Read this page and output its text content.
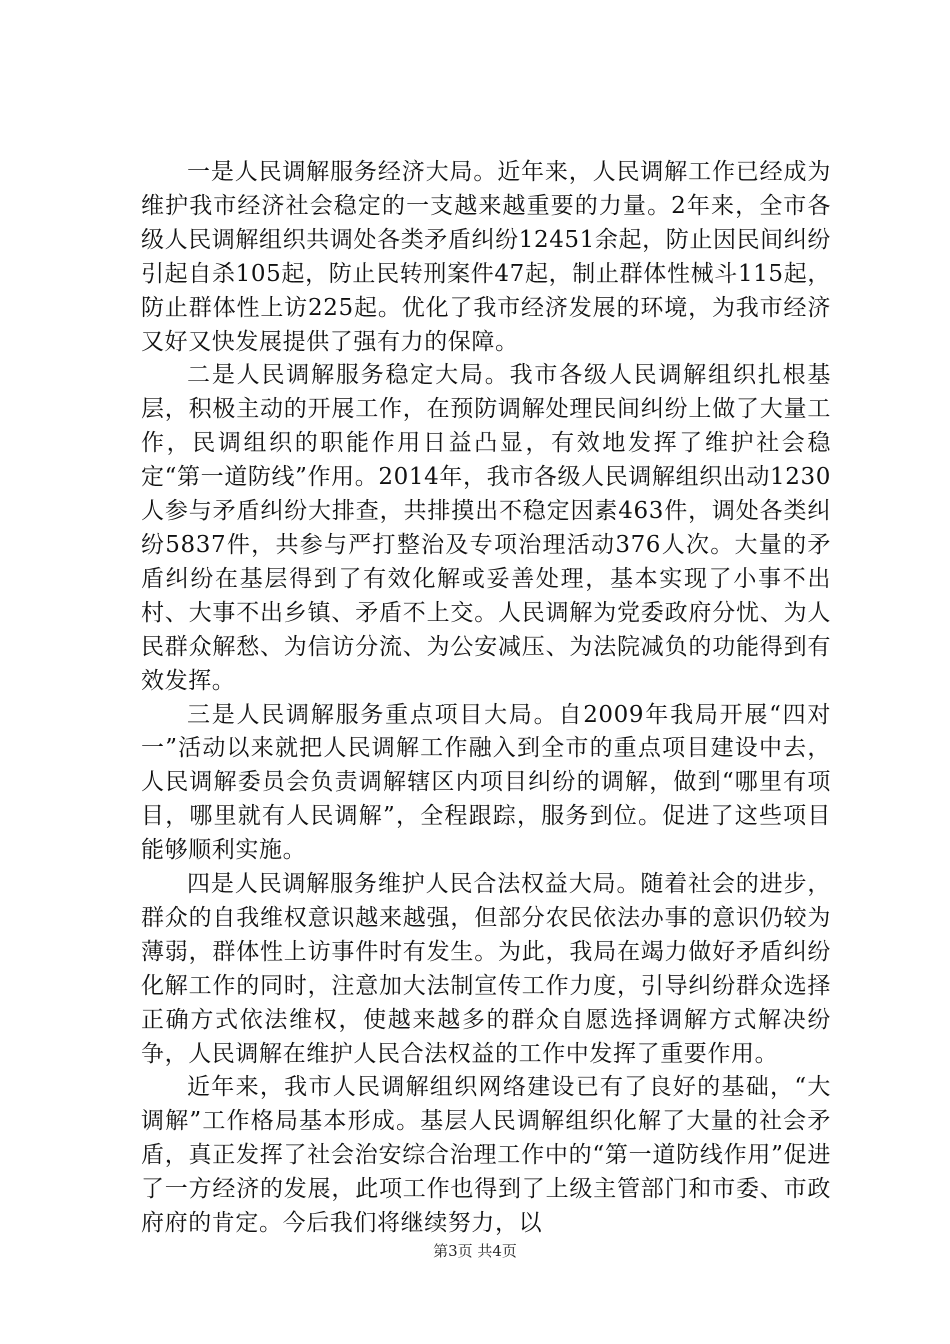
一是人民调解服务经济大局。近年来，人民调解工作已经成为维护我市经济社会稳定的一支越来越重要的力量。2年来，全市各级人民调解组织共调处各类矛盾纠纷12451余起，防止因民间纠纷引起自杀105起，防止民转刑案件47起，制止群体性械斗115起，防止群体性上访225起。优化了我市经济发展的环境，为我市经济又好又快发展提供了强有力的保障。

二是人民调解服务稳定大局。我市各级人民调解组织扎根基层，积极主动的开展工作，在预防调解处理民间纠纷上做了大量工作，民调组织的职能作用日益凸显，有效地发挥了维护社会稳定“第一道防线”作用。2014年，我市各级人民调解组织出动1230人参与矛盾纠纷大排查，共排摸出不稳定因素463件，调处各类纠纷5837件，共参与严打整治及专项治理活动376人次。大量的矛盾纠纷在基层得到了有效化解或妥善处理，基本实现了小事不出村、大事不出乡镇、矛盾不上交。人民调解为党委政府分忧、为人民群众解愁、为信访分流、为公安减压、为法院减负的功能得到有效发挥。

三是人民调解服务重点项目大局。自2009年我局开展“四对一”活动以来就把人民调解工作融入到全市的重点项目建设中去，人民调解委员会负责调解辖区内项目纠纷的调解，做到“哪里有项目，哪里就有人民调解”，全程跟踪，服务到位。促进了这些项目能够顺利实施。

四是人民调解服务维护人民合法权益大局。随着社会的进步，群众的自我维权意识越来越强，但部分农民依法办事的意识仍较为薄弱，群体性上访事件时有发生。为此，我局在竭力做好矛盾纠纷化解工作的同时，注意加大法制宣传工作力度，引导纠纷群众选择正确方式依法维权，使越来越多的群众自愿选择调解方式解决纷争，人民调解在维护人民合法权益的工作中发挥了重要作用。

近年来，我市人民调解组织网络建设已有了良好的基础，“大调解”工作格局基本形成。基层人民调解组织化解了大量的社会矛盾，真正发挥了社会治安综合治理工作中的“第一道防线作用”促进了一方经济的发展，此项工作也得到了上级主管部门和市委、市政府府的肯定。今后我们将继续努力，以

第3页 共4页
